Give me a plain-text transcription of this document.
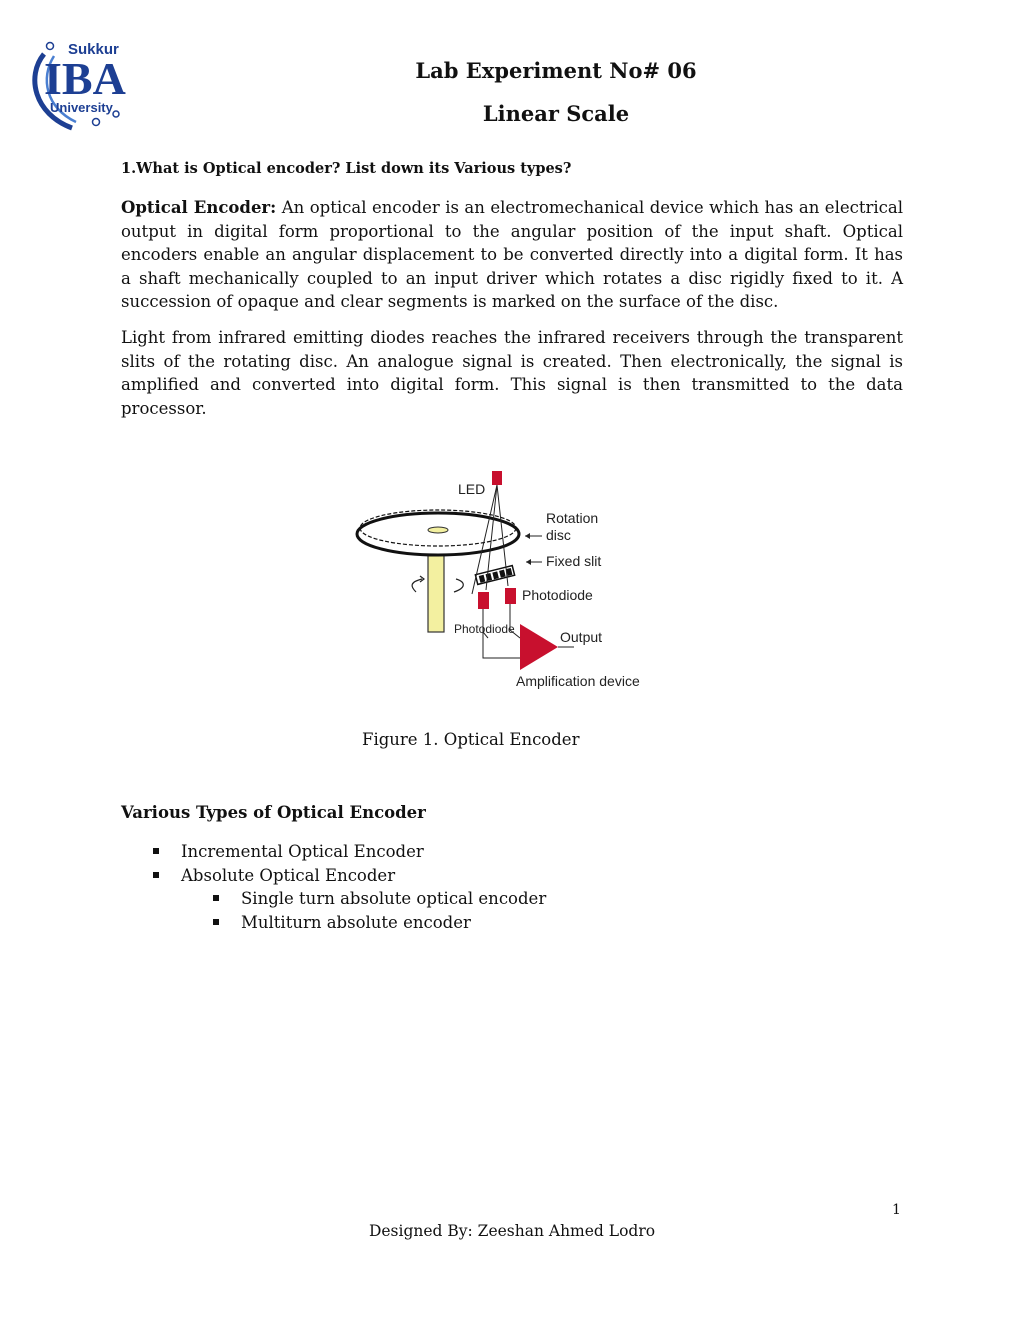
Sukkur
IBA
University
Lab Experiment No# 06
Linear Scale
1.What is Optical encoder? List down its Various types?

Optical Encoder: An optical encoder is an electromechanical device which has an electrical output in digital form proportional to the angular position of the input shaft. Optical encoders enable an angular displacement to be converted directly into a digital form. It has a shaft mechanically coupled to an input driver which rotates a disc rigidly fixed to it. A succession of opaque and clear segments is marked on the surface of the disc.

Light from infrared emitting diodes reaches the infrared receivers through the transparent slits of the rotating disc. An analogue signal is created. Then electronically, the signal is amplified and converted into digital form. This signal is then transmitted to the data processor.

LED
Rotation
disc
Fixed slit
Photodiode
Photodiode	Output
Amplification device
Figure 1. Optical Encoder
Various Types of Optical Encoder
Incremental Optical Encoder
Absolute Optical Encoder
Single turn absolute optical encoder
Multiturn absolute encoder
1
Designed By: Zeeshan Ahmed Lodro
